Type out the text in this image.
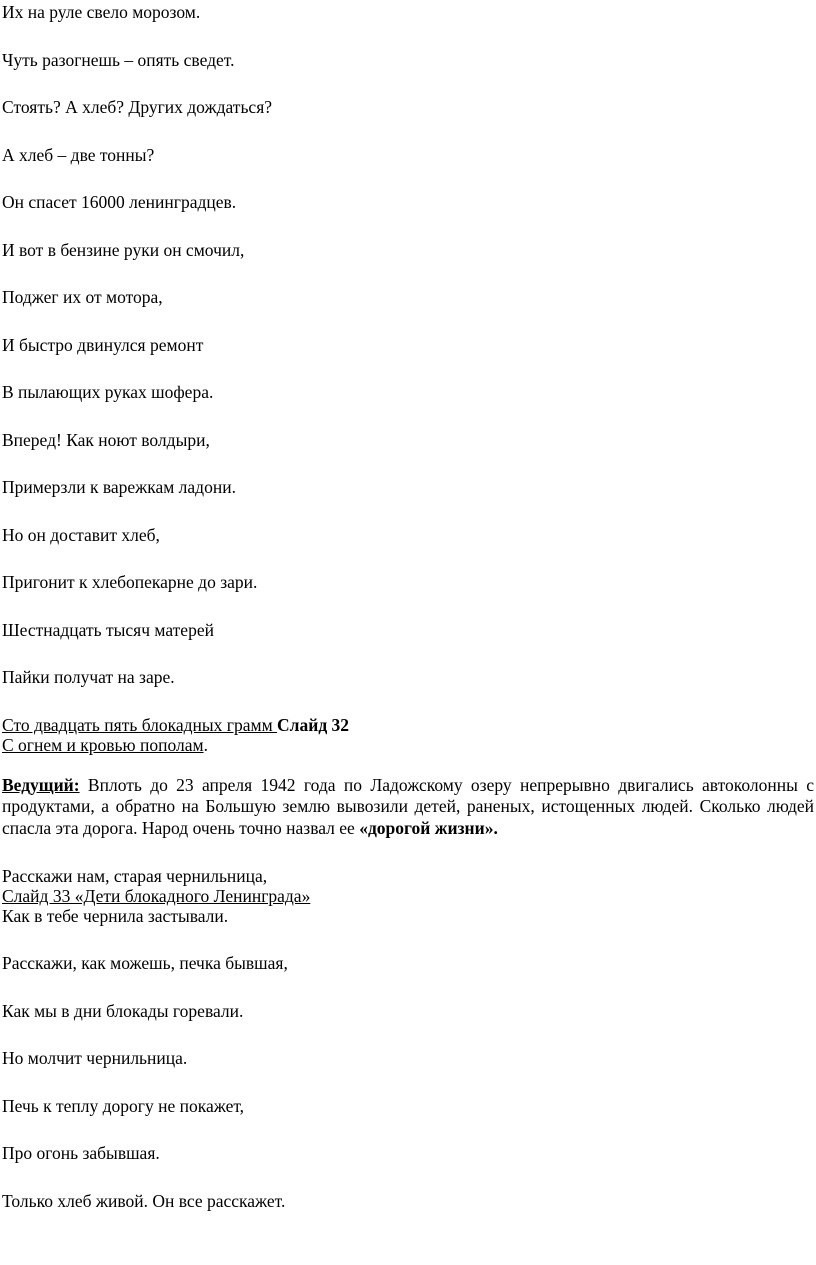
Их на руле свело морозом.

Чуть разогнешь – опять сведет.

Стоять? А хлеб? Других дождаться?

А хлеб – две тонны?

Он спасет 16000 ленинградцев.

И вот в бензине руки он смочил,

Поджег их от мотора,

И быстро двинулся ремонт

В пылающих руках шофера.

Вперед! Как ноют волдыри,

Примерзли к варежкам ладони.

Но он доставит хлеб,

Пригонит к хлебопекарне до зари.

Шестнадцать тысяч матерей

Пайки получат на заре.

Сто двадцать пять блокадных грамм Слайд 32

С огнем и кровью пополам.

Ведущий: Вплоть до 23 апреля 1942 года по Ладожскому озеру непрерывно двигались автоколонны с продуктами, а обратно на Большую землю вывозили детей, раненых, истощенных людей. Сколько людей спасла эта дорога. Народ очень точно назвал ее «дорогой жизни».

Расскажи нам, старая чернильница,

Слайд 33 «Дети блокадного Ленинграда»

Как в тебе чернила застывали.

Расскажи, как можешь, печка бывшая,

Как мы в дни блокады горевали.

Но молчит чернильница.

Печь к теплу дорогу не покажет,

Про огонь забывшая.

Только хлеб живой. Он все расскажет.
